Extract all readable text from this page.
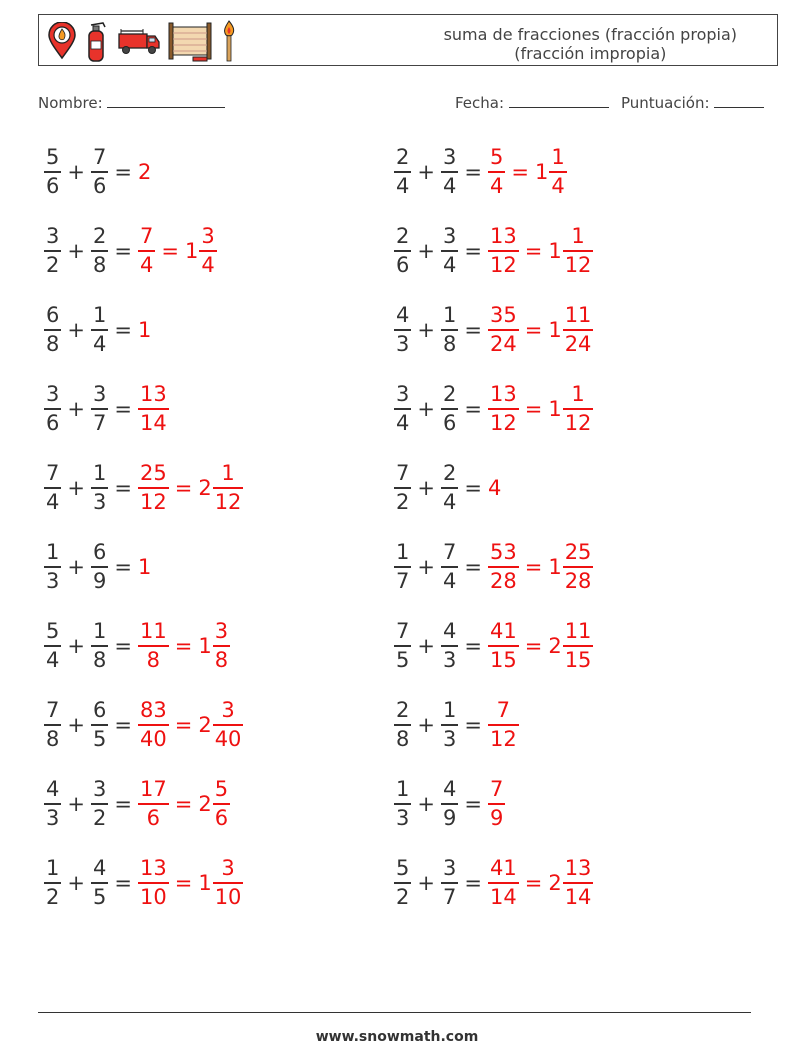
suma de fracciones (fracción propia)
(fracción impropia)
Nombre:	Fecha:	Puntuación:
$\frac{5}{6} + \frac{7}{6} = 2$	$\frac{2}{4} + \frac{3}{4} = \frac{5}{4} = 1 \frac{1}{4}$
$\frac{3}{2} + \frac{2}{8} = \frac{7}{4} = 1 \frac{3}{4}$	$\frac{2}{6} + \frac{3}{4} = \frac{13}{12} = 1 \frac{1}{12}$
$\frac{6}{8} + \frac{1}{4} = 1$	$\frac{4}{3} + \frac{1}{8} = \frac{35}{24} = 1 \frac{11}{24}$
$\frac{3}{6} + \frac{3}{7} = \frac{13}{14}$	$\frac{3}{4} + \frac{2}{6} = \frac{13}{12} = 1 \frac{1}{12}$
$\frac{7}{4} + \frac{1}{3} = \frac{25}{12} = 2 \frac{1}{12}$	$\frac{7}{2} + \frac{2}{4} = 4$
$\frac{1}{3} + \frac{6}{9} = 1$	$\frac{1}{7} + \frac{7}{4} = \frac{53}{28} = 1 \frac{25}{28}$
$\frac{5}{4} + \frac{1}{8} = \frac{11}{8} = 1 \frac{3}{8}$	$\frac{7}{5} + \frac{4}{3} = \frac{41}{15} = 2 \frac{11}{15}$
$\frac{7}{8} + \frac{6}{5} = \frac{83}{40} = 2 \frac{3}{40}$	$\frac{2}{8} + \frac{1}{3} = \frac{7}{12}$
$\frac{4}{3} + \frac{3}{2} = \frac{17}{6} = 2 \frac{5}{6}$	$\frac{1}{3} + \frac{4}{9} = \frac{7}{9}$
$\frac{1}{2} + \frac{4}{5} = \frac{13}{10} = 1 \frac{3}{10}$	$\frac{5}{2} + \frac{3}{7} = \frac{41}{14} = 2 \frac{13}{14}$
www.snowmath.com
